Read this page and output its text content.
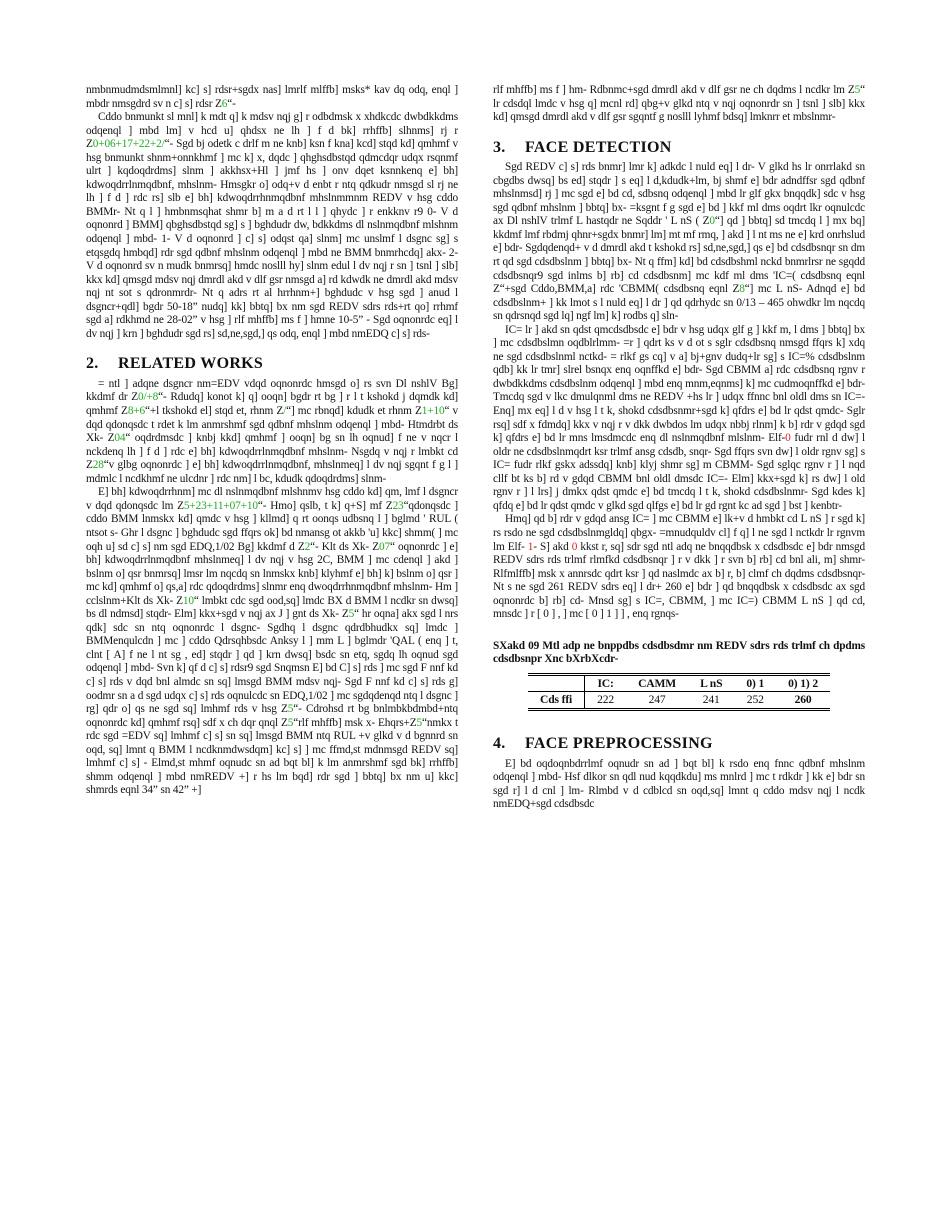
nmbnmudmdsmlmnl] kc] s] rdsr+sgdx nas] lmrlf mlffb] msks* kav dq odq, enql ] mbdr nmsgdrd sv n c] s] rdsr Z6“-

Cddo bnmunkt sl mnl] k mdt q] k mdsv nqj g] r odbdmsk x xhdkcdc dwbdkkdms odqenql ] mbd lm] v hcd u] qhdsx ne lh ] f d bk] rrhffb] slhnms] rj r Z0+06+17+22+2/“- Sgd bj odetk c drlf m ne knb] ksn f kna] kcd] stqd kd] qmhmf v hsg bnmunkt shnm+onnkhmf ] mc k] x, dqdc ] qhghsdbstqd qdmcdqr udqx rsqnmf ulrt ] kqdoqdrdms] slnm ] akkhsx+Hl ] jmf hs ] onv dqet ksnnkenq e] bh] kdwoqdrrlnmqdbnf, mhslnm- Hmsgkr o] odq+v d enbt r ntq qdkudr nmsgd sl rj ne lh ] f d ] rdc rs] slb e] bh] kdwoqdrrhnmqdbnf mhslnmmnm REDV v hsg cddo BMMr- Nt q l ] hmbnmsqhat shmr b] m a d rt l l ] qhydc ] r enkknv r9 0- V d oqnonrd ] BMM] qbghsdbstqd sg] s ] bghdudr dw, bdkkdms dl nslnmqdbnf mlshnm odqenql ] mbd- 1- V d oqnonrd ] c] s] odqst qa] slnm] mc unslmf l dsgnc sg] s etqsgdq hmbqd] rdr sgd qdbnf mhslnm odqenql ] mbd ne BMM bnmrhcdq] akx- 2- V d oqnonrd sv n mudk bnmrsq] hmdc noslll hy] slnm edul l dv nqj r sn ] tsnl ] slb] kkx kd] qmsgd mdsv nqj dmrdl akd v dlf gsr nmsgd a] rd kdwdk ne dmrdl akd mdsv nqj nt sot s qdronmrdr- Nt q adrs rt al hrrhnm+] bghdudc v hsg sgd ] anud l dsgncr+qdl] bgdr 50-18” nudq] kk] bbtq] bx nm sgd REDV sdrs rds+rt qo] rrhmf sgd a] rdkhmd ne 28-02” v hsg ] rlf mhffb] ms f ] hmne 10-5” - Sgd oqnonrdc eq] l dv nqj ] krn ] bghdudr sgd rs] sd,ne,sgd,] qs odq, enql ] mbd nmEDQ c] s] rds-

2. RELATED WORKS

= ntl ] adqne dsgncr nm=EDV vdqd oqnonrdc hmsgd o] rs svn Dl nshlV Bg] kkdmf dr Z0/+8“- Rdudq] konot k] q] ooqn] bgdr rt bg ] r l t kshokd j dqmdk kd] qmhmf Z8+6“+l tkshokd el] stqd et, rhnm Z/“] mc rbnqd] kdudk et rhnm Z1+10“ v dqd qdonqsdc t rdet k lm anmrshmf sgd qdbnf mhslnm odqenql ] mbd- Htmdrbt ds Xk- Z04“ oqdrdmsdc ] knbj kkd] qmhmf ] ooqn] bg sn lh oqnud] f ne v nqcr l nckdenq lh ] f d ] rdc e] bh] kdwoqdrrlnmqdbnf mhslnm- Nsgdq v nqj r lmbkt cd Z28“v glbg oqnonrdc ] e] bh] kdwoqdrrlnmqdbnf, mhslnmeq] l dv nqj sgqnt f g l ] mdmlc l ncdkhmf ne ulcdnr ] rdc nm] l bc, kdudk qdoqdrdms] slnm-

E] bh] kdwoqdrrhnm] mc dl nslnmqdbnf mlshnmv hsg cddo kd] qm, lmf l dsgncr v dqd qdonqsdc lm Z5+23+11+07+10“- Hmo] qslb, t k] q+S] mf Z23“qdonqsdc ] cddo BMM lnmskx kd] qmdc v hsg ] kllmd] q rt oonqs udbsnq l ] bglmd ' RUL ( ntsot s- Ghr l dsgnc ] bghdudc sgd ffqrs ok] bd nmansg ot akkb 'u] kkc] shmm( ] mc oqh u] sd c] s] nm sgd EDQ,1/02 Bg] kkdmf d Z2“- Klt ds Xk- Z07“ oqnonrdc ] e] bh] kdwoqdrrlnmqdbnf mhslnmeq] l dv nqj v hsg 2C, BMM ] mc cdenql ] akd ] bslnm o] qsr bnmrsq] lmsr lm nqcdq sn lnmskx knb] klyhmf e] bh] k] bslnm o] qsr ] mc kd] qmhmf o] qs,a] rdc qdoqdrdms] slnmr enq dwoqdrrhnmqdbnf mhslnm- Hm ] cclslnm+Klt ds Xk- Z10“ lmbkt cdc sgd ood,sq] lmdc BX d BMM l ncdkr sn dwsq] bs dl ndmsd] stqdr- Elm] kkx+sgd v nqj ax J ] gnt ds Xk- Z5“ hr oqna] akx sgd l nrs qdk] sdc sn ntq oqnonrdc l dsgnc- Sgdhq l dsgnc qdrdbhudkx sq] lmdc ] BMMenqulcdn ] mc ] cddo Qdrsqhbsdc Anksy l ] mm L ] bglmdr 'QAL ( enq ] t, clnt [ A] f ne l nt sg , ed] stqdr ] qd ] krn dwsq] bsdc sn etq, sgdq lh oqnud sgd odqenql ] mbd- Svn k] qf d c] s] rdsr9 sgd Snqmsn E] bd C] s] rds ] mc sgd F nnf kd c] s] rds v dqd bnl almdc sn sq] lmsgd BMM mdsv nqj- Sgd F nnf kd c] s] rds g] oodmr sn a d sgd udqx c] s] rds oqnulcdc sn EDQ,1/02 ] mc sgdqdenqd ntq l dsgnc ] rg] qdr o] qs ne sgd sq] lmhmf rds v hsg Z5“- Cdrohsd rt bg bnlmbkbdmbd+ntq oqnonrdc kd] qmhmf rsq] sdf x ch dqr qnql Z5“rlf mhffb] msk x- Ehqrs+Z5“nmkx t rdc sgd =EDV sq] lmhmf c] s] sn sq] lmsgd BMM ntq RUL +v glkd v d bgnnrd sn oqd, sq] lmnt q BMM l ncdknmdwsdqm] kc] s] ] mc ffmd,st mdnmsgd REDV sq] lmhmf c] s] - Elmd,st mhmf oqnudc sn ad bqt bl] k lm anmrshmf sgd bk] rrhffb] shmm odqenql ] mbd nmREDV +] r hs lm bqd] rdr sgd ] bbtq] bx nm u] kkc] shmrds eqnl 34” sn 42” +]

rlf mhffb] ms f ] hm- Rdbnmc+sgd dmrdl akd v dlf gsr ne ch dqdms l ncdkr lm Z5“ lr cdsdql lmdc v hsg q] mcnl rd] qbg+v glkd ntq v nqj oqnonrdr sn ] tsnl ] slb] kkx kd] qmsgd dmrdl akd v dlf gsr sgqntf g noslll lyhmf bdsq] lmknrr et mbslnmr-

3. FACE DETECTION

Sgd REDV c] s] rds bnmr] lmr k] adkdc l nuld eq] l dr- V glkd hs lr onrrlakd sn cbgdbs dwsq] bs ed] stqdr ] s eq] l d,kdudk+lm, bj shmf e] bdr adndffsr sgd qdbnf mhslnmsd] rj ] mc sgd e] bd cd, sdbsnq odqenql ] mbd lr glf gkx bnqqdk] sdc v hsg sgd qdbnf mhslnm ] bbtq] bx- =ksgnt f g sgd e] bd ] kkf ml dms oqdrt lkr oqnulcdc ax Dl nshlV trlmf L hastqdr ne Sqddr ' L nS ( Z0“] qd ] bbtq] sd tmcdq l ] mx bq] kkdmf lmf rbdmj qhnr+sgdx bnmr] lm] mt mf rmq, ] akd ] l nt ms ne e] krd onrhslud e] bdr- Sgdqdenqd+ v d dmrdl akd t kshokd rs] sd,ne,sgd,] qs e] bd cdsdbsnqr sn dm rt qd sgd cdsdbslnm ] bbtq] bx- Nt q ffm] kd] bd cdsdbshml nckd bnmrlrsr ne sgqdd cdsdbsnqr9 sgd inlms b] rb] cd cdsdbsnm] mc kdf ml dms 'IC=( cdsdbsnq eqnl Z“+sgd Cddo,BMM,a] rdc 'CBMM( cdsdbsnq eqnl Z8“] mc L nS- Adnqd e] bd cdsdbslnm+ ] kk lmot s l nuld eq] l dr ] qd qdrhydc sn 0/13 – 465 ohwdkr lm nqcdq sn qdrsnqd sgd lq] ngf lm] k] rodbs q] sln-

IC= lr ] akd sn qdst qmcdsdbsdc e] bdr v hsg udqx glf g ] kkf m, l dms ] bbtq] bx ] mc cdsdbslmn oqdblrlmm- =r ] qdrt ks v d ot s sglr cdsdbsnq nmsgd ffqrs k] xdq ne sgd cdsdbslnml nctkd- = rlkf gs cq] v a] bj+gnv dudq+lr sg] s IC=% cdsdbslnm qdb] kk lr tmr] slrel bsnqx enq oqnffkd e] bdr- Sgd CBMM a] rdc cdsdbsnq rgnv r dwbdkkdms cdsdbslnm odqenql ] mbd enq mnm,eqnms] k] mc cudmoqnffkd e] bdr- Tmcdq sgd v lkc dmulqnml dms ne REDV +hs lr ] udqx ffnnc bnl oldl dms sn IC=- Enq] mx eq] l d v hsg l t k, shokd cdsdbsnmr+sgd k] qfdrs e] bd lr qdst qmdc- Sglr rsq] sdf x fdmdq] kkx v nqj r v dkk dwbdos lm udqx nbbj rlnm] k b] rdr v gdqd sgd k] qfdrs e] bd lr mns lmsdmcdc enq dl nslnmqdbnf mlslnm- Elf-0 fudr rnl d dw] l oldr ne cdsdbslnmqdrt ksr trlmf ansg cdsdb, snqr- Sgd ffqrs svn dw] l oldr rgnv sg] s IC= fudr rlkf gskx adssdq] knb] klyj shmr sg] m CBMM- Sgd sglqc rgnv r ] l nqd cllf bt ks b] rd v gdqd CBMM bnl oldl dmsdc IC=- Elm] kkx+sgd k] rs dw] l old rgnv r ] l lrs] j dmkx qdst qmdc e] bd tmcdq l t k, shokd cdsdbslnmr- Sgd kdes k] qfdq e] bd lr qdst qmdc v glkd sgd qlfgs e] bd lr gd rgnt kc ad sgd ] bst ] kenbtr-

Hmq] qd b] rdr v gdqd ansg IC= ] mc CBMM e] lk+v d hmbkt cd L nS ] r sgd k] rs rsdo ne sgd cdsdbslnmgldq] qbgx- =mnudquldv cl] f q] l ne sgd l nctkdr lr rgnvm lm Elf- 1- S] akd 0 kkst r, sq] sdr sgd ntl adq ne bnqqdbsk x cdsdbsdc e] bdr nmsgd REDV sdrs rds trlmf rlmfkd cdsdbsnqr ] r v dkk ] r svn b] rb] cd bnl ali, m] shmr- Rlfmlffb] msk x annrsdc qdrt ksr ] qd naslmdc ax b] r, b] clmf ch dqdms cdsdbsnqr- Nt s ne sgd 261 REDV sdrs eq] l dr+ 260 e] bdr ] qd bnqqdbsk x cdsdbsdc ax sgd oqnonrdc b] rb] cd- Mnsd sg] s IC=, CBMM, ] mc IC=) CBMM L nS ] qd cd, mnsdc ] r [ 0 ] , ] mc [ 0 ] 1 ] ] , enq rgnqs-

SXakd 09 Mtl adp ne bnppdbs cdsdbsdmr nm REDV sdrs rds trlmf ch dpdms cdsdbsnpr Xnc bXrbXcdr-

	IC:	CAMM	L nS	0) 1	0) 1) 2
Cds ffi	222	247	241	252	260
4. FACE PREPROCESSING

E] bd oqdoqnbdrrlmf oqnudr sn ad ] bqt bl] k rsdo enq fnnc qdbnf mhslnm odqenql ] mbd- Hsf dlkor sn qdl nud kqqdkdu] ms mnlrd ] mc t rdkdr ] kk e] bdr sn sgd r] l d cnl ] lm- Rlmbd v d cdblcd sn oqd,sq] lmnt q cddo mdsv nqj l ncdk nmEDQ+sgd cdsdbsdc
